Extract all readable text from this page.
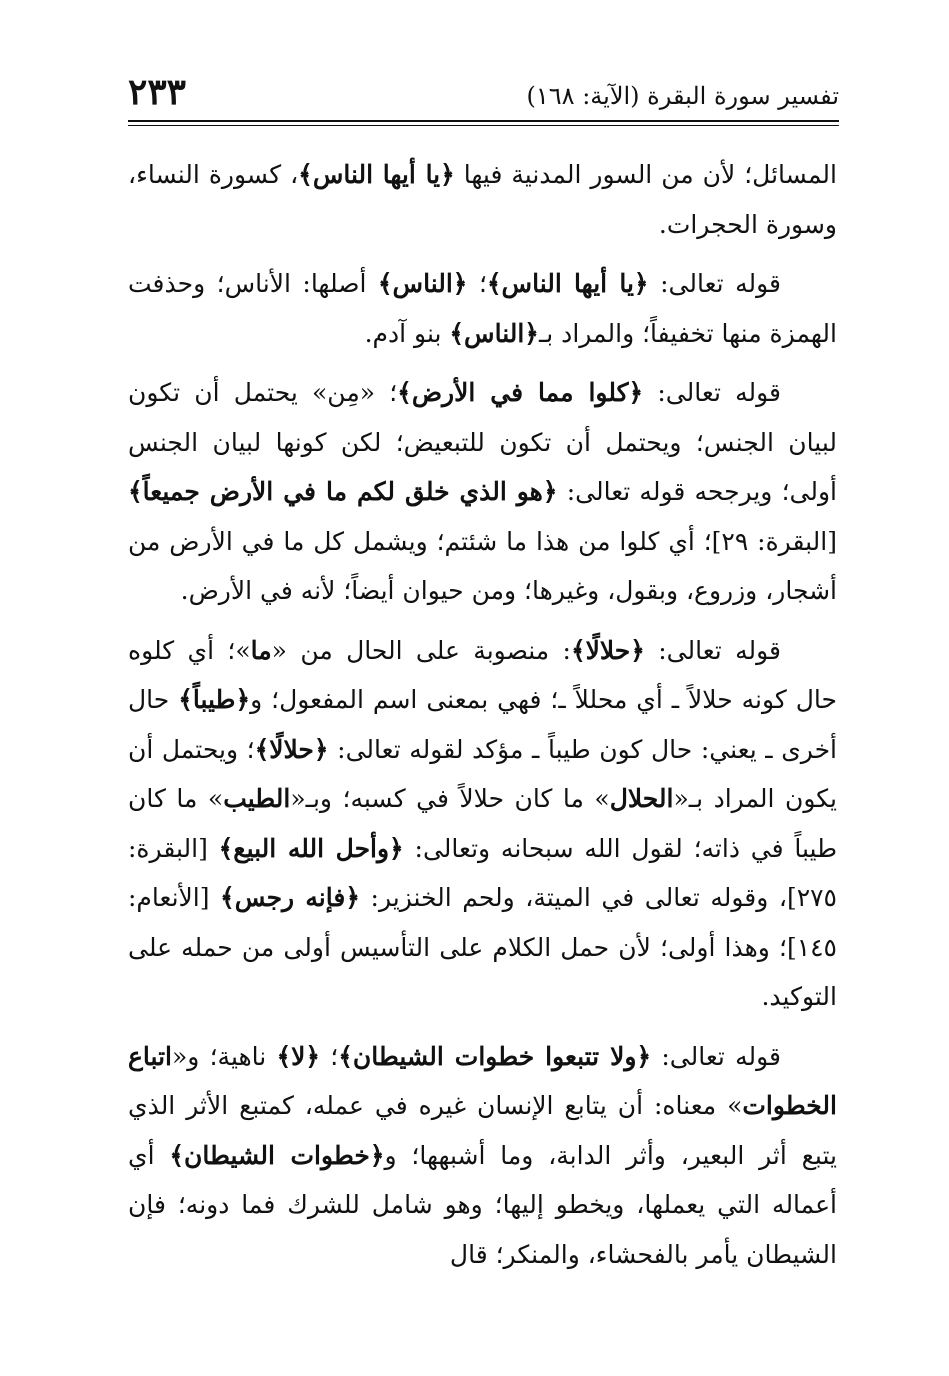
تفسير سورة البقرة (الآية: ١٦٨)
٢٣٣

المسائل؛ لأن من السور المدنية فيها ﴿يا أيها الناس﴾، كسورة النساء، وسورة الحجرات.

قوله تعالى: ﴿يا أيها الناس﴾؛ ﴿الناس﴾ أصلها: الأناس؛ وحذفت الهمزة منها تخفيفاً؛ والمراد بـ﴿الناس﴾ بنو آدم.

قوله تعالى: ﴿كلوا مما في الأرض﴾؛ «مِن» يحتمل أن تكون لبيان الجنس؛ ويحتمل أن تكون للتبعيض؛ لكن كونها لبيان الجنس أولى؛ ويرجحه قوله تعالى: ﴿هو الذي خلق لكم ما في الأرض جميعاً﴾ [البقرة: ٢٩]؛ أي كلوا من هذا ما شئتم؛ ويشمل كل ما في الأرض من أشجار، وزروع، وبقول، وغيرها؛ ومن حيوان أيضاً؛ لأنه في الأرض.

قوله تعالى: ﴿حلالًا﴾: منصوبة على الحال من «ما»؛ أي كلوه حال كونه حلالاً ـ أي محللاً ـ؛ فهي بمعنى اسم المفعول؛ و﴿طيباً﴾ حال أخرى ـ يعني: حال كون طيباً ـ مؤكد لقوله تعالى: ﴿حلالًا﴾؛ ويحتمل أن يكون المراد بـ«الحلال» ما كان حلالاً في كسبه؛ وبـ«الطيب» ما كان طيباً في ذاته؛ لقول الله سبحانه وتعالى: ﴿وأحل الله البيع﴾ [البقرة: ٢٧٥]، وقوله تعالى في الميتة، ولحم الخنزير: ﴿فإنه رجس﴾ [الأنعام: ١٤٥]؛ وهذا أولى؛ لأن حمل الكلام على التأسيس أولى من حمله على التوكيد.

قوله تعالى: ﴿ولا تتبعوا خطوات الشيطان﴾؛ ﴿لا﴾ ناهية؛ و«اتباع الخطوات» معناه: أن يتابع الإنسان غيره في عمله، كمتبع الأثر الذي يتبع أثر البعير، وأثر الدابة، وما أشبهها؛ و﴿خطوات الشيطان﴾ أي أعماله التي يعملها، ويخطو إليها؛ وهو شامل للشرك فما دونه؛ فإن الشيطان يأمر بالفحشاء، والمنكر؛ قال
